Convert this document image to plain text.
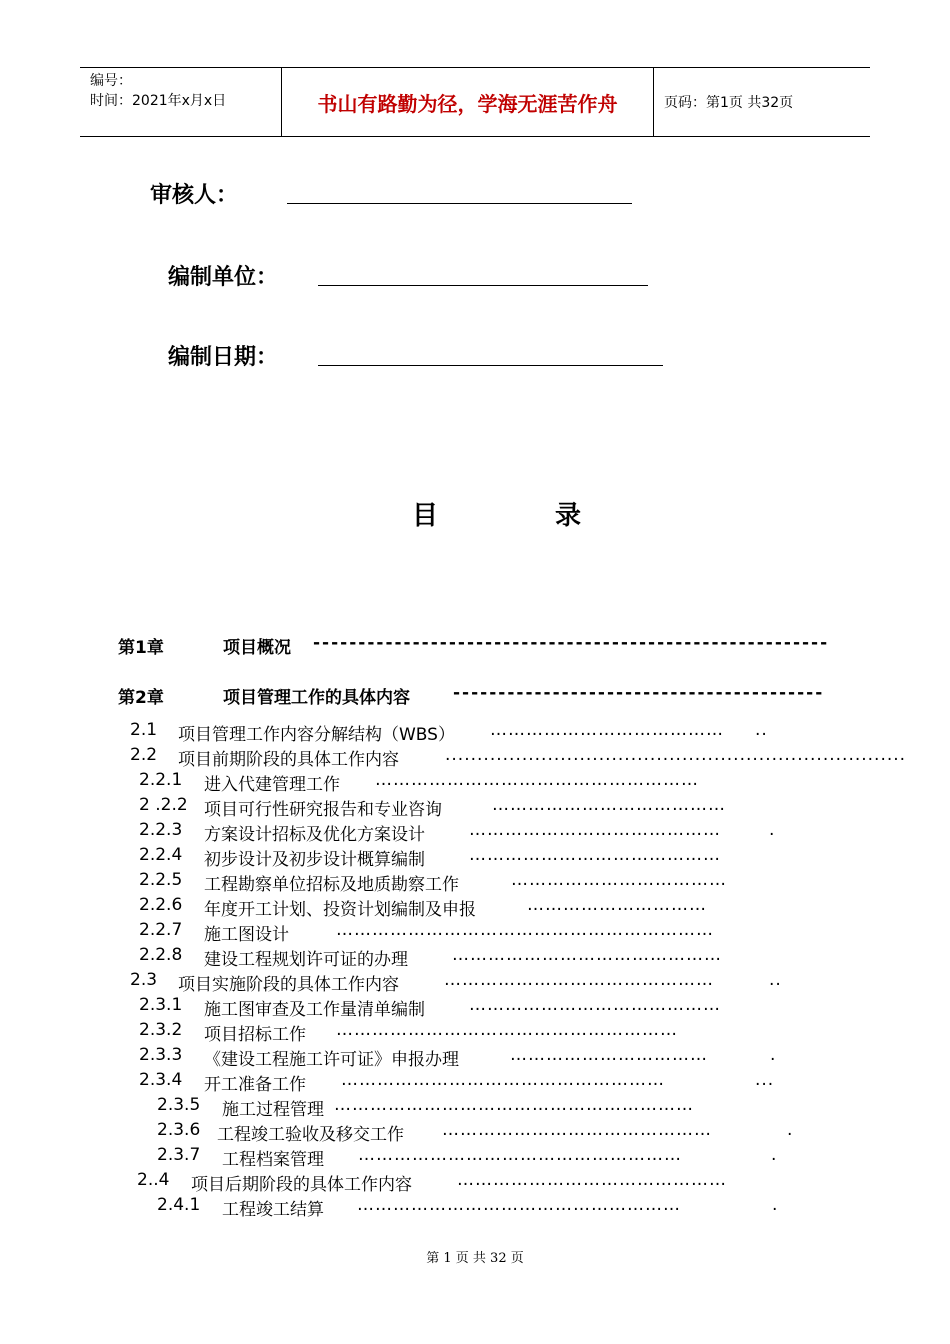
编号：
时间：2021年x月x日	书山有路勤为径，学海无涯苦作舟	页码：第1页 共32页
审核人：
编制单位：
编制日期：
目	录
第1章	项目概况 ---------------------------------------------------------
第2章	项目管理工作的具体内容	-----------------------------------------
2.1 项目管理工作内容分解结构（WBS） …………………………………	..
2.2 项目前期阶段的具体工作内容	........................................................................
2.2.1 进入代建管理工作 ………………………………………………
2 .2.2 项目可行性研究报告和专业咨询	…………………………………
2.2.3 方案设计招标及优化方案设计	……………………………………	.
2.2.4 初步设计及初步设计概算编制	……………………………………
2.2.5 工程勘察单位招标及地质勘察工作	………………………………
2.2.6 年度开工计划、投资计划编制及申报	…………………………
2.2.7 施工图设计	………………………………………………………
2.2.8 建设工程规划许可证的办理	………………………………………
2.3 项目实施阶段的具体工作内容	………………………………………	..
2.3.1 施工图审查及工作量清单编制	……………………………………
2.3.2 项目招标工作 …………………………………………………
2.3.3 《建设工程施工许可证》申报办理	……………………………	.
2.3.4 开工准备工作 ………………………………………………	...
2.3.5 施工过程管理 ……………………………………………………
2.3.6 工程竣工验收及移交工作 ………………………………………	.
2.3.7 工程档案管理 ………………………………………………	.
2..4 项目后期阶段的具体工作内容	………………………………………
2.4.1 工程竣工结算 ………………………………………………	.
第 1 页 共 32 页
